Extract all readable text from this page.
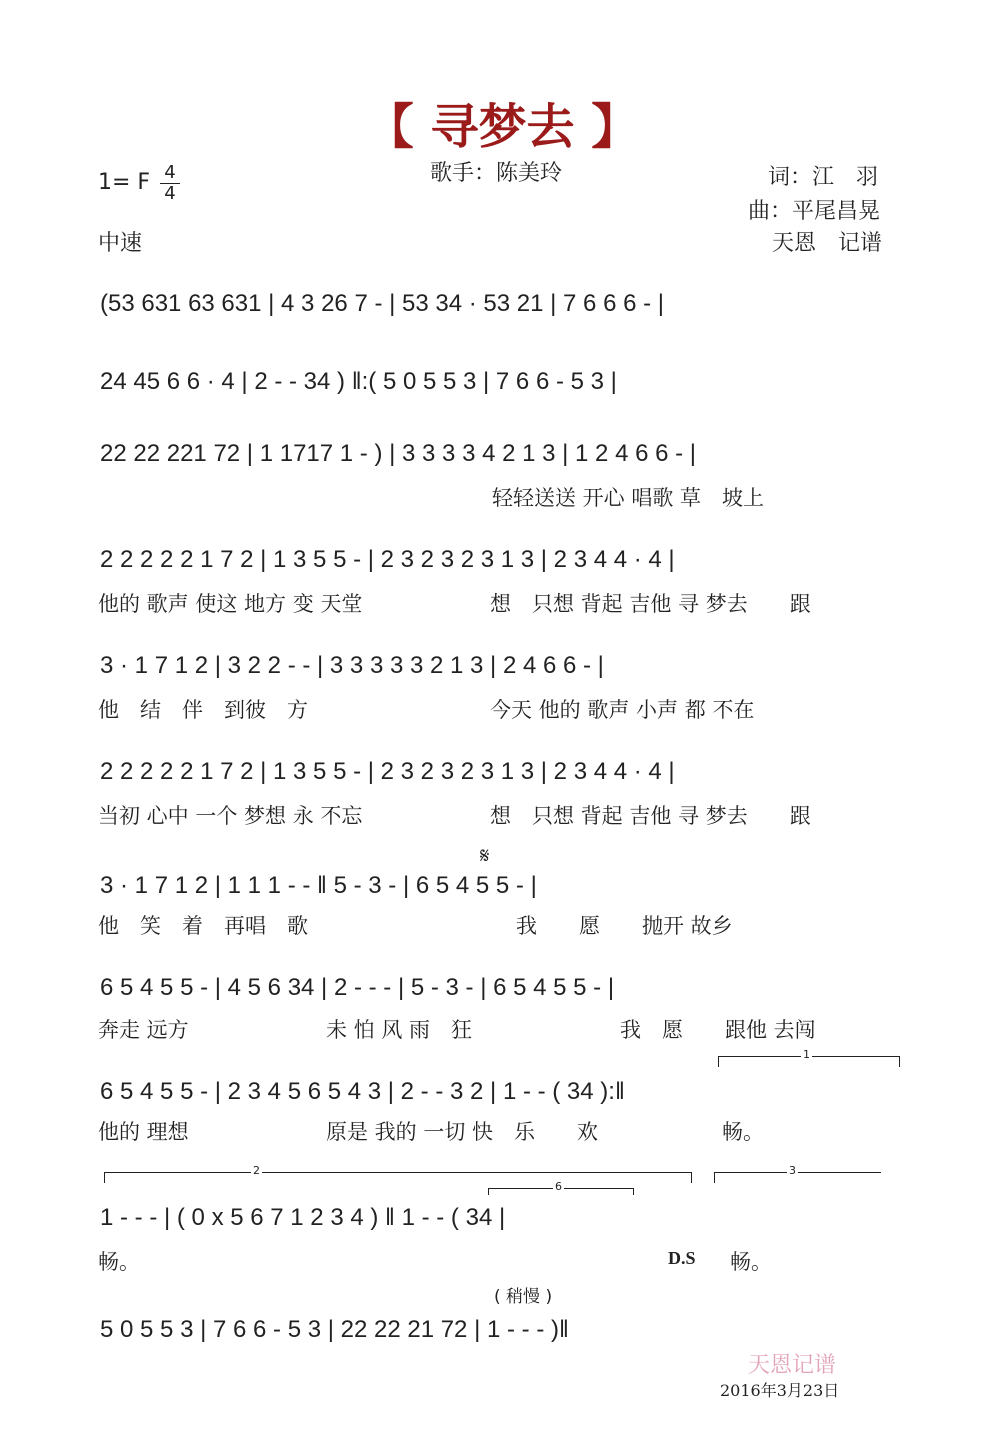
【 寻梦去 】
歌手：陈美玲
1= F 4
4
中速
词：江　羽
曲：平尾昌晃
天恩　记谱
(53 631 63 631 | 4 3 26 7 - | 53 34 · 53 21 | 7 6 6 6 - |
24 45 6 6 · 4 | 2 - - 34 ) ‖:( 5 0 5 5 3 | 7 6 6 - 5 3 |
22 22 221 72 | 1 1717 1 - ) | 3 3 3 3 4 2 1 3 | 1 2 4 6 6 - |
轻轻送送 开心 唱歌 草　坡上
2 2 2 2 2 1 7 2 | 1 3 5 5 - | 2 3 2 3 2 3 1 3 | 2 3 4 4 · 4 |
他的 歌声 使这 地方 变 天堂	想　只想 背起 吉他 寻 梦去　　跟
3 · 1 7 1 2 | 3 2 2 - - | 3 3 3 3 3 2 1 3 | 2 4 6 6 - |
他　结　伴　到彼　方	今天 他的 歌声 小声 都 不在
2 2 2 2 2 1 7 2 | 1 3 5 5 - | 2 3 2 3 2 3 1 3 | 2 3 4 4 · 4 |
当初 心中 一个 梦想 永 不忘	想　只想 背起 吉他 寻 梦去　　跟
𝄋
3 · 1 7 1 2 | 1 1 1 - - ‖ 5 - 3 - | 6 5 4 5 5 - |
他　笑　着　再唱　歌	我　　愿　　抛开 故乡
6 5 4 5 5 - | 4 5 6 34 | 2 - - - | 5 - 3 - | 6 5 4 5 5 - |
奔走 远方	未 怕 风 雨　狂	我　愿　　跟他 去闯
1
6 5 4 5 5 - | 2 3 4 5 6 5 4 3 | 2 - - 3 2 | 1 - - ( 34 ):‖
他的 理想	原是 我的 一切 快　乐　　欢	畅。
2	3
6
1 - - - | ( 0 x 5 6 7 1 2 3 4 ) ‖ 1 - - ( 34 |
畅。	D.S 畅。
( 稍慢 )
5 0 5 5 3 | 7 6 6 - 5 3 | 22 22 21 72 | 1 - - - )‖
天恩记谱
2016年3月23日
